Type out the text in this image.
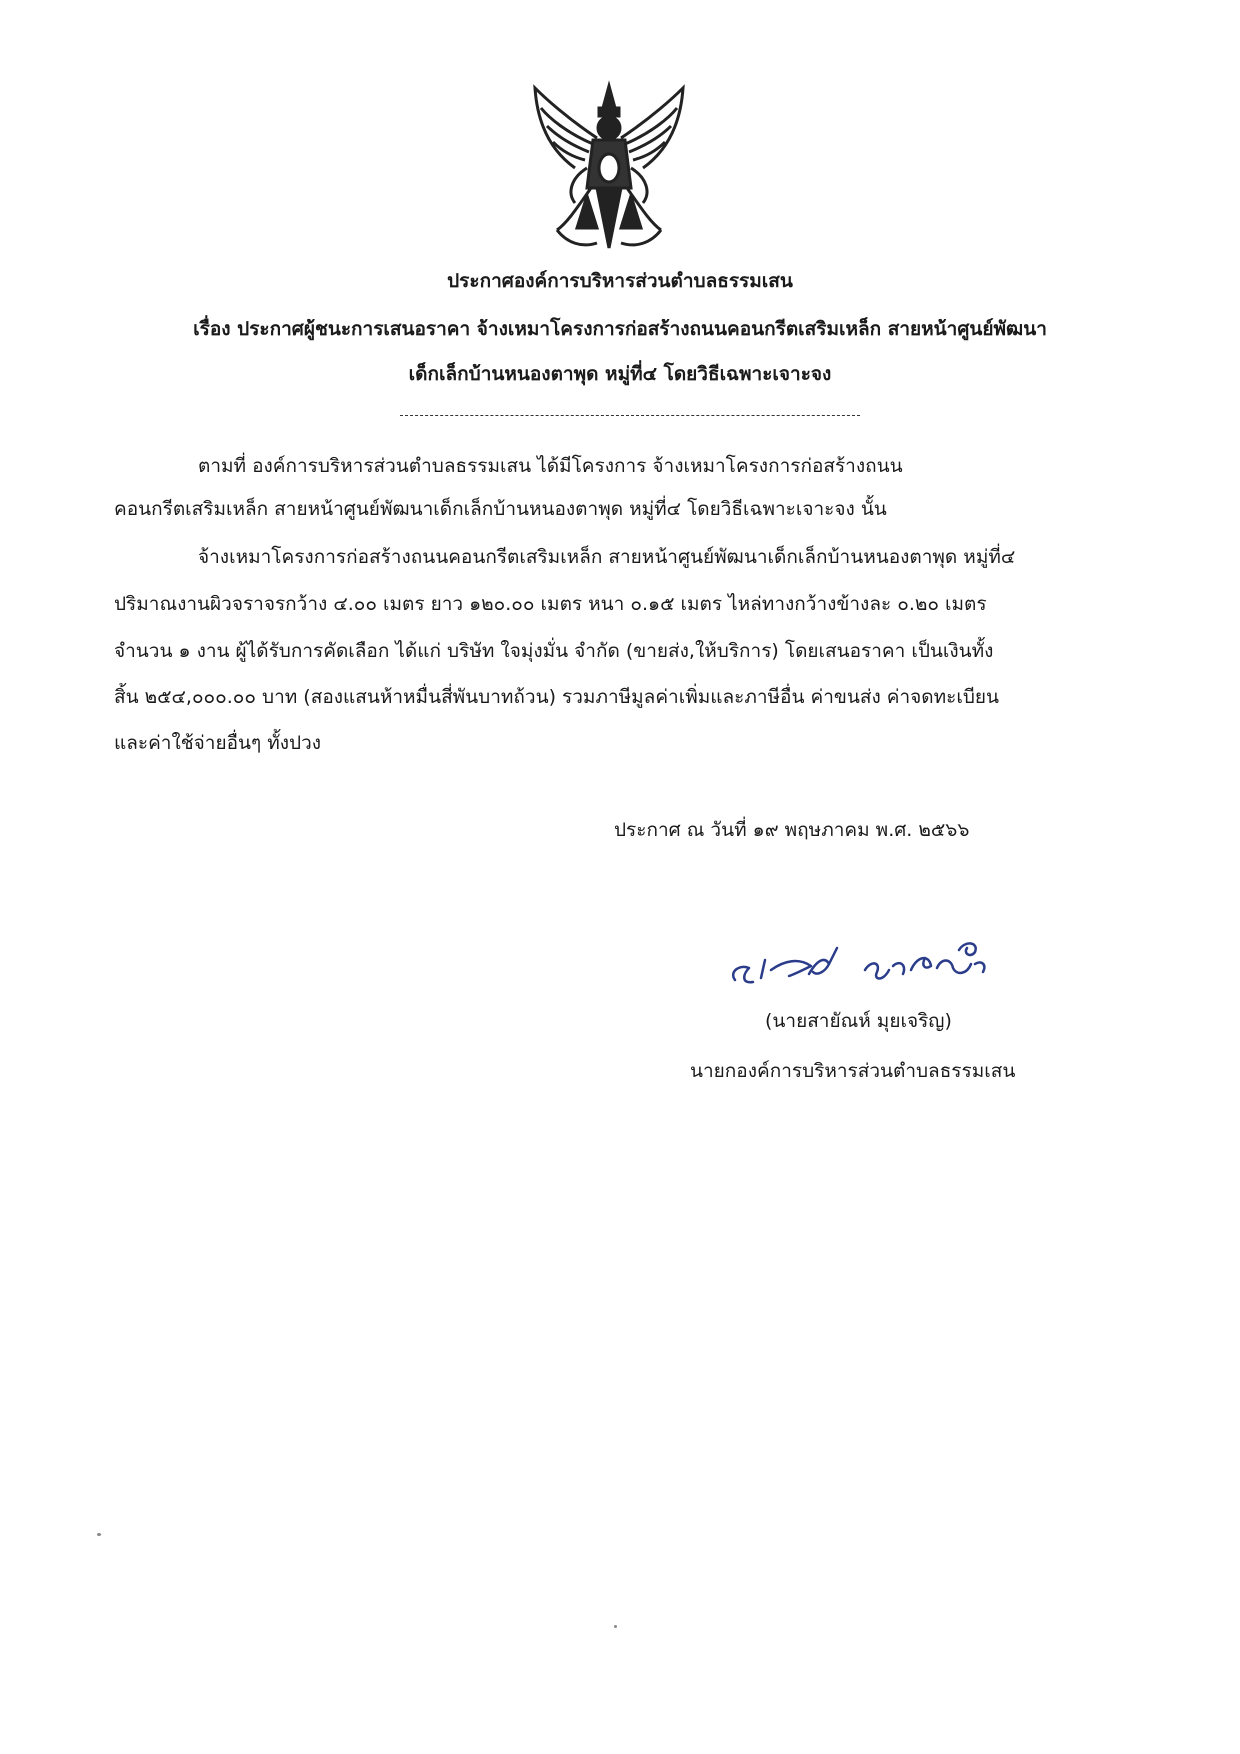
ประกาศองค์การบริหารส่วนตำบลธรรมเสน
เรื่อง ประกาศผู้ชนะการเสนอราคา จ้างเหมาโครงการก่อสร้างถนนคอนกรีตเสริมเหล็ก สายหน้าศูนย์พัฒนา
เด็กเล็กบ้านหนองตาพุด หมู่ที่๔ โดยวิธีเฉพาะเจาะจง
ตามที่ องค์การบริหารส่วนตำบลธรรมเสน ได้มีโครงการ จ้างเหมาโครงการก่อสร้างถนน
คอนกรีตเสริมเหล็ก สายหน้าศูนย์พัฒนาเด็กเล็กบ้านหนองตาพุด หมู่ที่๔ โดยวิธีเฉพาะเจาะจง นั้น
จ้างเหมาโครงการก่อสร้างถนนคอนกรีตเสริมเหล็ก สายหน้าศูนย์พัฒนาเด็กเล็กบ้านหนองตาพุด หมู่ที่๔
ปริมาณงานผิวจราจรกว้าง ๔.๐๐ เมตร ยาว ๑๒๐.๐๐ เมตร หนา ๐.๑๕ เมตร ไหล่ทางกว้างข้างละ ๐.๒๐ เมตร
จำนวน ๑ งาน ผู้ได้รับการคัดเลือก ได้แก่ บริษัท ใจมุ่งมั่น จำกัด (ขายส่ง,ให้บริการ) โดยเสนอราคา เป็นเงินทั้ง
สิ้น ๒๕๔,๐๐๐.๐๐ บาท (สองแสนห้าหมื่นสี่พันบาทถ้วน) รวมภาษีมูลค่าเพิ่มและภาษีอื่น ค่าขนส่ง ค่าจดทะเบียน
และค่าใช้จ่ายอื่นๆ ทั้งปวง
ประกาศ ณ วันที่ ๑๙ พฤษภาคม พ.ศ. ๒๕๖๖
(นายสายัณห์ มุยเจริญ)
นายกองค์การบริหารส่วนตำบลธรรมเสน
